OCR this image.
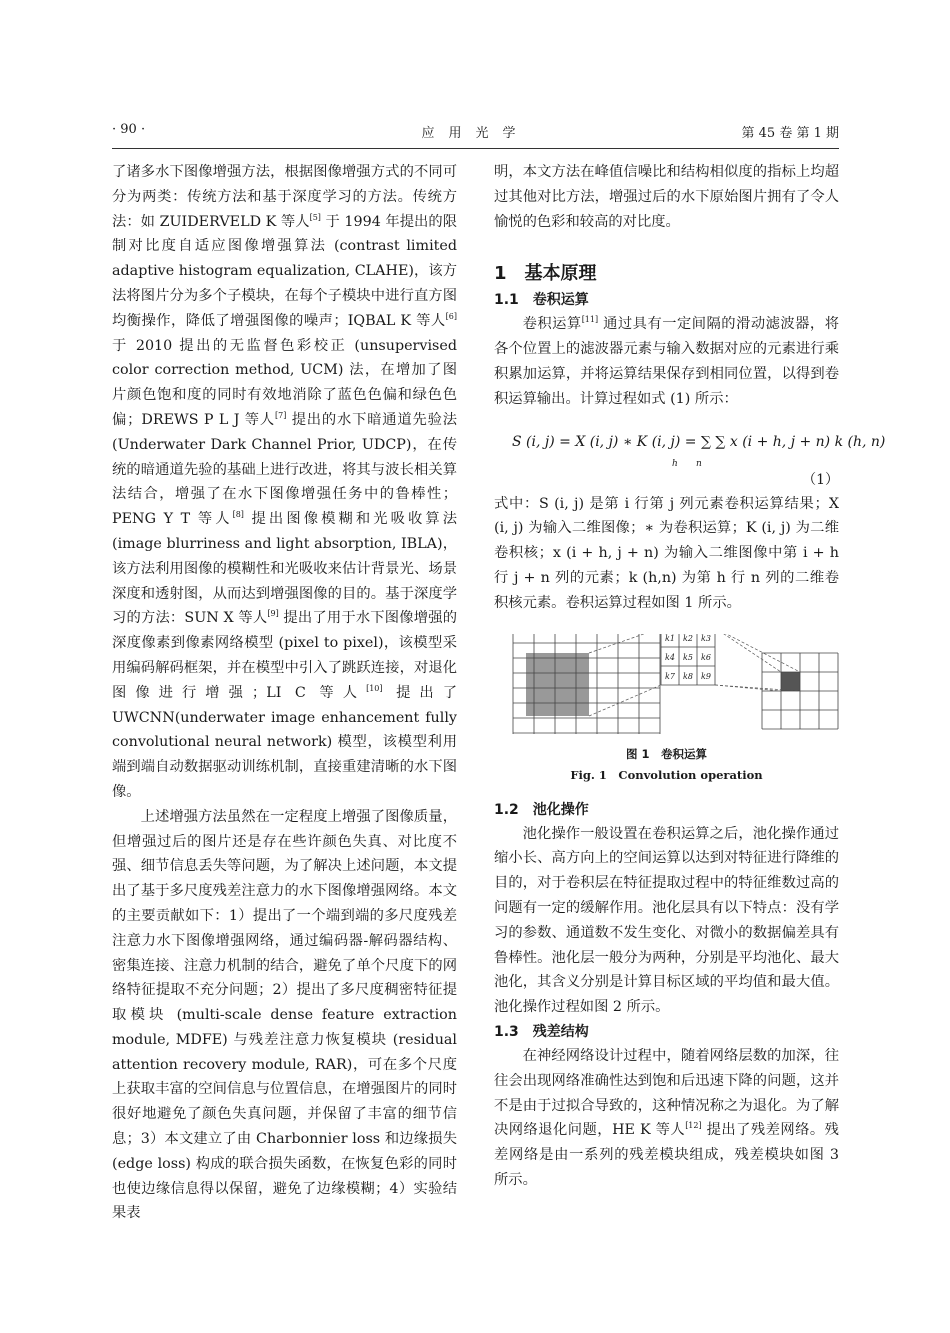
· 90 ·	应用光学	第 45 卷 第 1 期

了诸多水下图像增强方法，根据图像增强方式的不同可分为两类：传统方法和基于深度学习的方法。传统方法：如 ZUIDERVELD K 等人[5] 于 1994 年提出的限制对比度自适应图像增强算法 (contrast limited adaptive histogram equalization, CLAHE)，该方法将图片分为多个子模块，在每个子模块中进行直方图均衡操作，降低了增强图像的噪声；IQBAL K 等人[6] 于 2010 提出的无监督色彩校正 (unsupervised color correction method, UCM) 法，在增加了图片颜色饱和度的同时有效地消除了蓝色色偏和绿色色偏；DREWS P L J 等人[7] 提出的水下暗通道先验法 (Underwater Dark Channel Prior, UDCP)，在传统的暗通道先验的基础上进行改进，将其与波长相关算法结合，增强了在水下图像增强任务中的鲁棒性；PENG Y T 等人[8] 提出图像模糊和光吸收算法 (image blurriness and light absorption, IBLA)，该方法利用图像的模糊性和光吸收来估计背景光、场景深度和透射图，从而达到增强图像的目的。基于深度学习的方法：SUN X 等人[9] 提出了用于水下图像增强的深度像素到像素网络模型 (pixel to pixel)，该模型采用编码解码框架，并在模型中引入了跳跃连接，对退化图像进行增强；LI C 等人[10] 提出了 UWCNN(underwater image enhancement fully convolutional neural network) 模型，该模型利用端到端自动数据驱动训练机制，直接重建清晰的水下图像。

上述增强方法虽然在一定程度上增强了图像质量，但增强过后的图片还是存在些许颜色失真、对比度不强、细节信息丢失等问题，为了解决上述问题，本文提出了基于多尺度残差注意力的水下图像增强网络。本文的主要贡献如下：1）提出了一个端到端的多尺度残差注意力水下图像增强网络，通过编码器-解码器结构、密集连接、注意力机制的结合，避免了单个尺度下的网络特征提取不充分问题；2）提出了多尺度稠密特征提取模块 (multi-scale dense feature extraction module, MDFE) 与残差注意力恢复模块 (residual attention recovery module, RAR)，可在多个尺度上获取丰富的空间信息与位置信息，在增强图片的同时很好地避免了颜色失真问题，并保留了丰富的细节信息；3）本文建立了由 Charbonnier loss 和边缘损失 (edge loss) 构成的联合损失函数，在恢复色彩的同时也使边缘信息得以保留，避免了边缘模糊；4）实验结果表

明，本文方法在峰值信噪比和结构相似度的指标上均超过其他对比方法，增强过后的水下原始图片拥有了令人愉悦的色彩和较高的对比度。

1　基本原理
1.1　卷积运算

卷积运算[11] 通过具有一定间隔的滑动滤波器，将各个位置上的滤波器元素与输入数据对应的元素进行乘积累加运算，并将运算结果保存到相同位置，以得到卷积运算输出。计算过程如式 (1) 所示：

S (i, j) = X (i, j) ∗ K (i, j) = ∑ ∑ x (i + h, j + n) k (h, n)
h n
（1）

式中：S (i, j) 是第 i 行第 j 列元素卷积运算结果；X (i, j) 为输入二维图像；∗ 为卷积运算；K (i, j) 为二维卷积核；x (i + h, j + n) 为输入二维图像中第 i + h 行 j + n 列的元素；k (h,n) 为第 h 行 n 列的二维卷积核元素。卷积运算过程如图 1 所示。

k1 k2 k3
k4 k5 k6
k7 k8 k9
图 1　卷积运算
Fig. 1　Convolution operation
1.2　池化操作

池化操作一般设置在卷积运算之后，池化操作通过缩小长、高方向上的空间运算以达到对特征进行降维的目的，对于卷积层在特征提取过程中的特征维数过高的问题有一定的缓解作用。池化层具有以下特点：没有学习的参数、通道数不发生变化、对微小的数据偏差具有鲁棒性。池化层一般分为两种，分别是平均池化、最大池化，其含义分别是计算目标区域的平均值和最大值。池化操作过程如图 2 所示。

1.3　残差结构

在神经网络设计过程中，随着网络层数的加深，往往会出现网络准确性达到饱和后迅速下降的问题，这并不是由于过拟合导致的，这种情况称之为退化。为了解决网络退化问题，HE K 等人[12] 提出了残差网络。残差网络是由一系列的残差模块组成，残差模块如图 3 所示。
